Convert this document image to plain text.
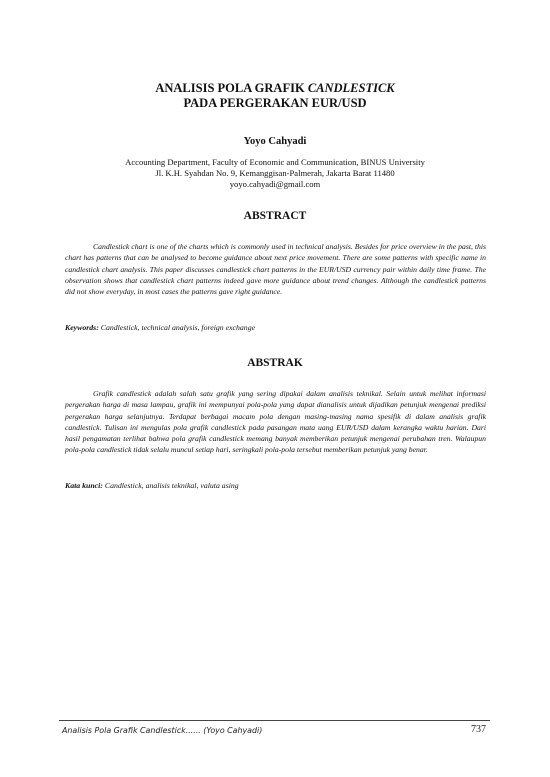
ANALISIS POLA GRAFIK CANDLESTICK
PADA PERGERAKAN EUR/USD
Yoyo Cahyadi
Accounting Department, Faculty of Economic and Communication, BINUS University
Jl. K.H. Syahdan No. 9, Kemanggisan-Palmerah, Jakarta Barat 11480
yoyo.cahyadi@gmail.com
ABSTRACT

Candlestick chart is one of the charts which is commonly used in technical analysis. Besides for price overview in the past, this chart has patterns that can be analysed to become guidance about next price movement. There are some patterns with specific name in candlestick chart analysis. This paper discusses candlestick chart patterns in the EUR/USD currency pair within daily time frame. The observation shows that candlestick chart patterns indeed gave more guidance about trend changes. Although the candlestick patterns did not show everyday, in most cases the patterns gave right guidance.

Keywords: Candlestick, technical analysis, foreign exchange
ABSTRAK

Grafik candlestick adalah salah satu grafik yang sering dipakai dalam analisis teknikal. Selain untuk melihat informasi pergerakan harga di masa lampau, grafik ini mempunyai pola-pola yang dapat dianalisis untuk dijadikan petunjuk mengenai prediksi pergerakan harga selanjutnya. Terdapat berbagai macam pola dengan masing-masing nama spesifik di dalam analisis grafik candlestick. Tulisan ini mengulas pola grafik candlestick pada pasangan mata uang EUR/USD dalam kerangka waktu harian. Dari hasil pengamatan terlihat bahwa pola grafik candlestick memang banyak memberikan petunjuk mengenai perubahan tren. Walaupun pola-pola candlestick tidak selalu muncul setiap hari, seringkali pola-pola tersebut memberikan petunjuk yang benar.

Kata kunci: Candlestick, analisis teknikal, valuta asing
Analisis Pola Grafik Candlestick...... (Yoyo Cahyadi)	737
